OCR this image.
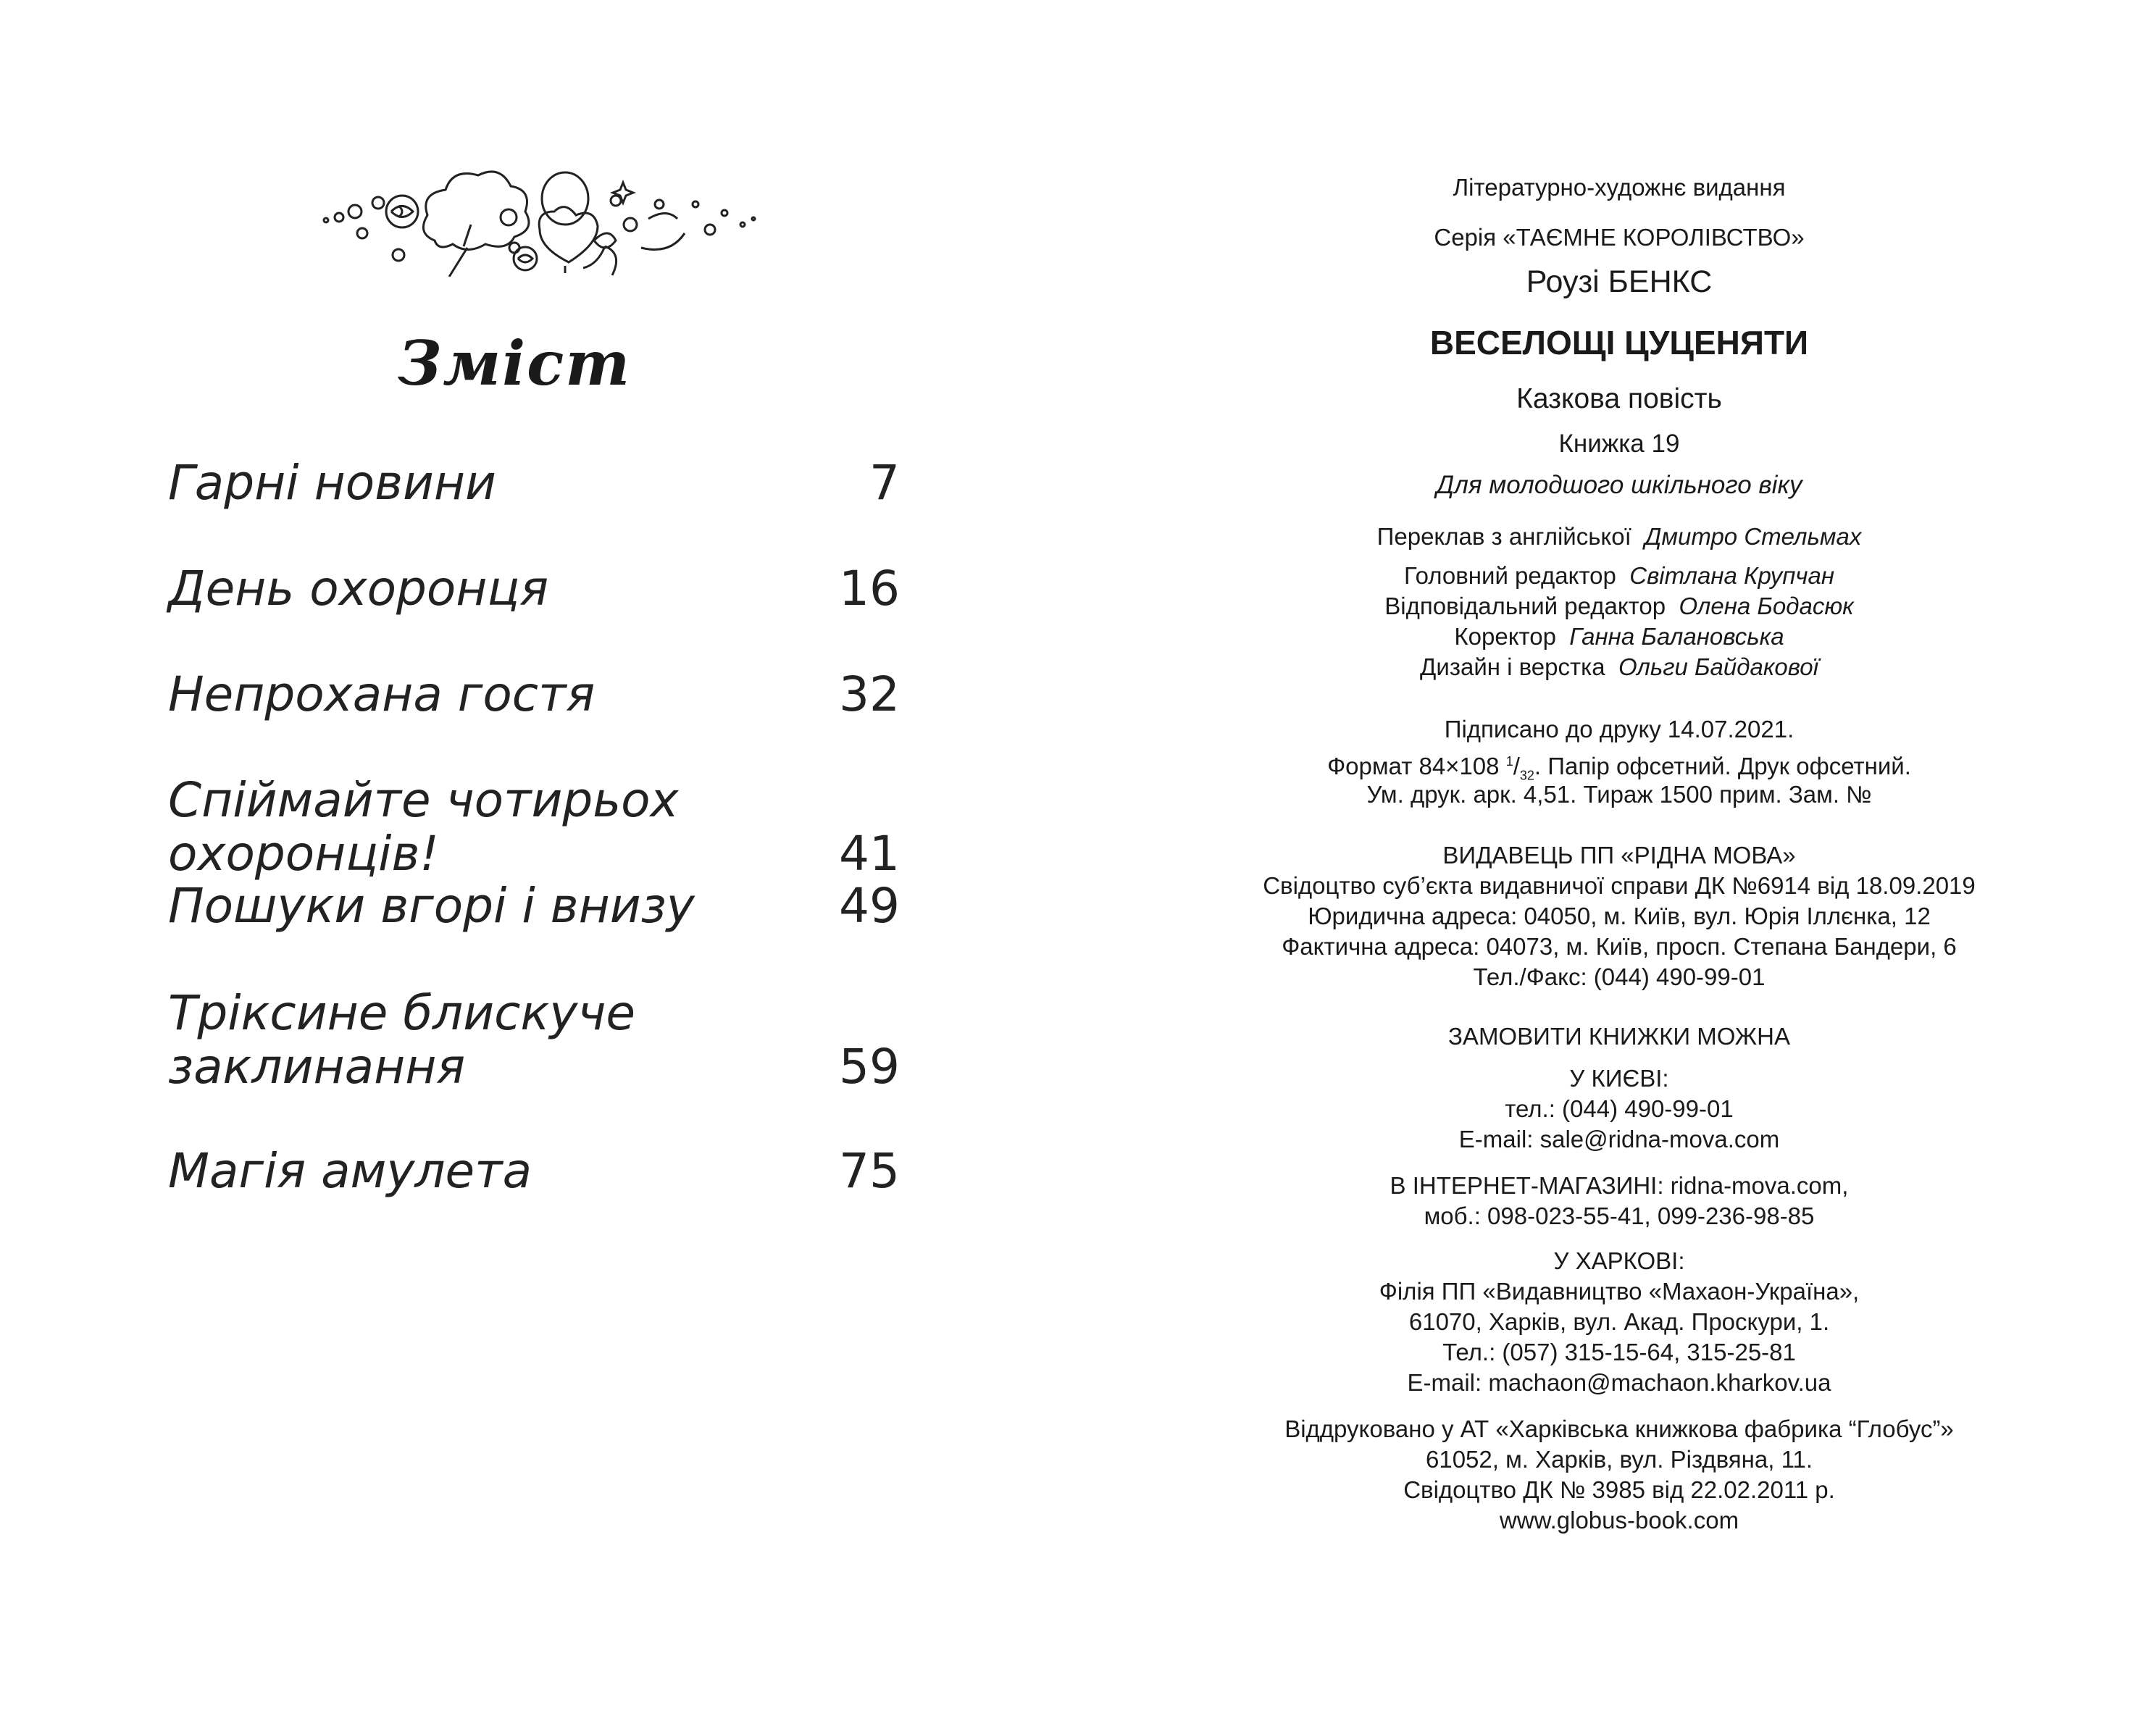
Зміст
Гарні новини	7
День охоронця	16
Непрохана гостя	32
Спіймайте чотирьох охоронців!	41
Пошуки вгорі і внизу	49
Тріксине блискуче
заклинання	59
Магія амулета	75
Літературно-художнє видання
Серія «ТАЄМНЕ КОРОЛІВСТВО»
Роузі БЕНКС
ВЕСЕЛОЩІ ЦУЦЕНЯТИ
Казкова повість
Книжка 19
Для молодшого шкільного віку
Переклав з англійської Дмитро Стельмах
Головний редактор Світлана Крупчан
Відповідальний редактор Олена Бодасюк
Коректор Ганна Балановська
Дизайн і верстка Ольги Байдакової
Підписано до друку 14.07.2021.
Формат 84×108 $^1/_{32}$. Папір офсетний. Друк офсетний.
Ум. друк. арк. 4,51. Тираж 1500 прим. Зам. №
ВИДАВЕЦЬ ПП «РІДНА МОВА»
Свідоцтво суб’єкта видавничої справи ДК №6914 від 18.09.2019
Юридична адреса: 04050, м. Київ, вул. Юрія Іллєнка, 12
Фактична адреса: 04073, м. Київ, просп. Степана Бандери, 6
Тел./Факс: (044) 490-99-01
ЗАМОВИТИ КНИЖКИ МОЖНА
У КИЄВІ:
тел.: (044) 490-99-01
E-mail: sale@ridna-mova.com
В ІНТЕРНЕТ-МАГАЗИНІ: ridna-mova.com,
моб.: 098-023-55-41, 099-236-98-85
У ХАРКОВІ:
Філія ПП «Видавництво «Махаон-Україна»,
61070, Харків, вул. Акад. Проскури, 1.
Тел.: (057) 315-15-64, 315-25-81
E-mail: machaon@machaon.kharkov.ua
Віддруковано у АТ «Харківська книжкова фабрика “Глобус”»
61052, м. Харків, вул. Різдвяна, 11.
Свідоцтво ДК № 3985 від 22.02.2011 р.
www.globus-book.com
